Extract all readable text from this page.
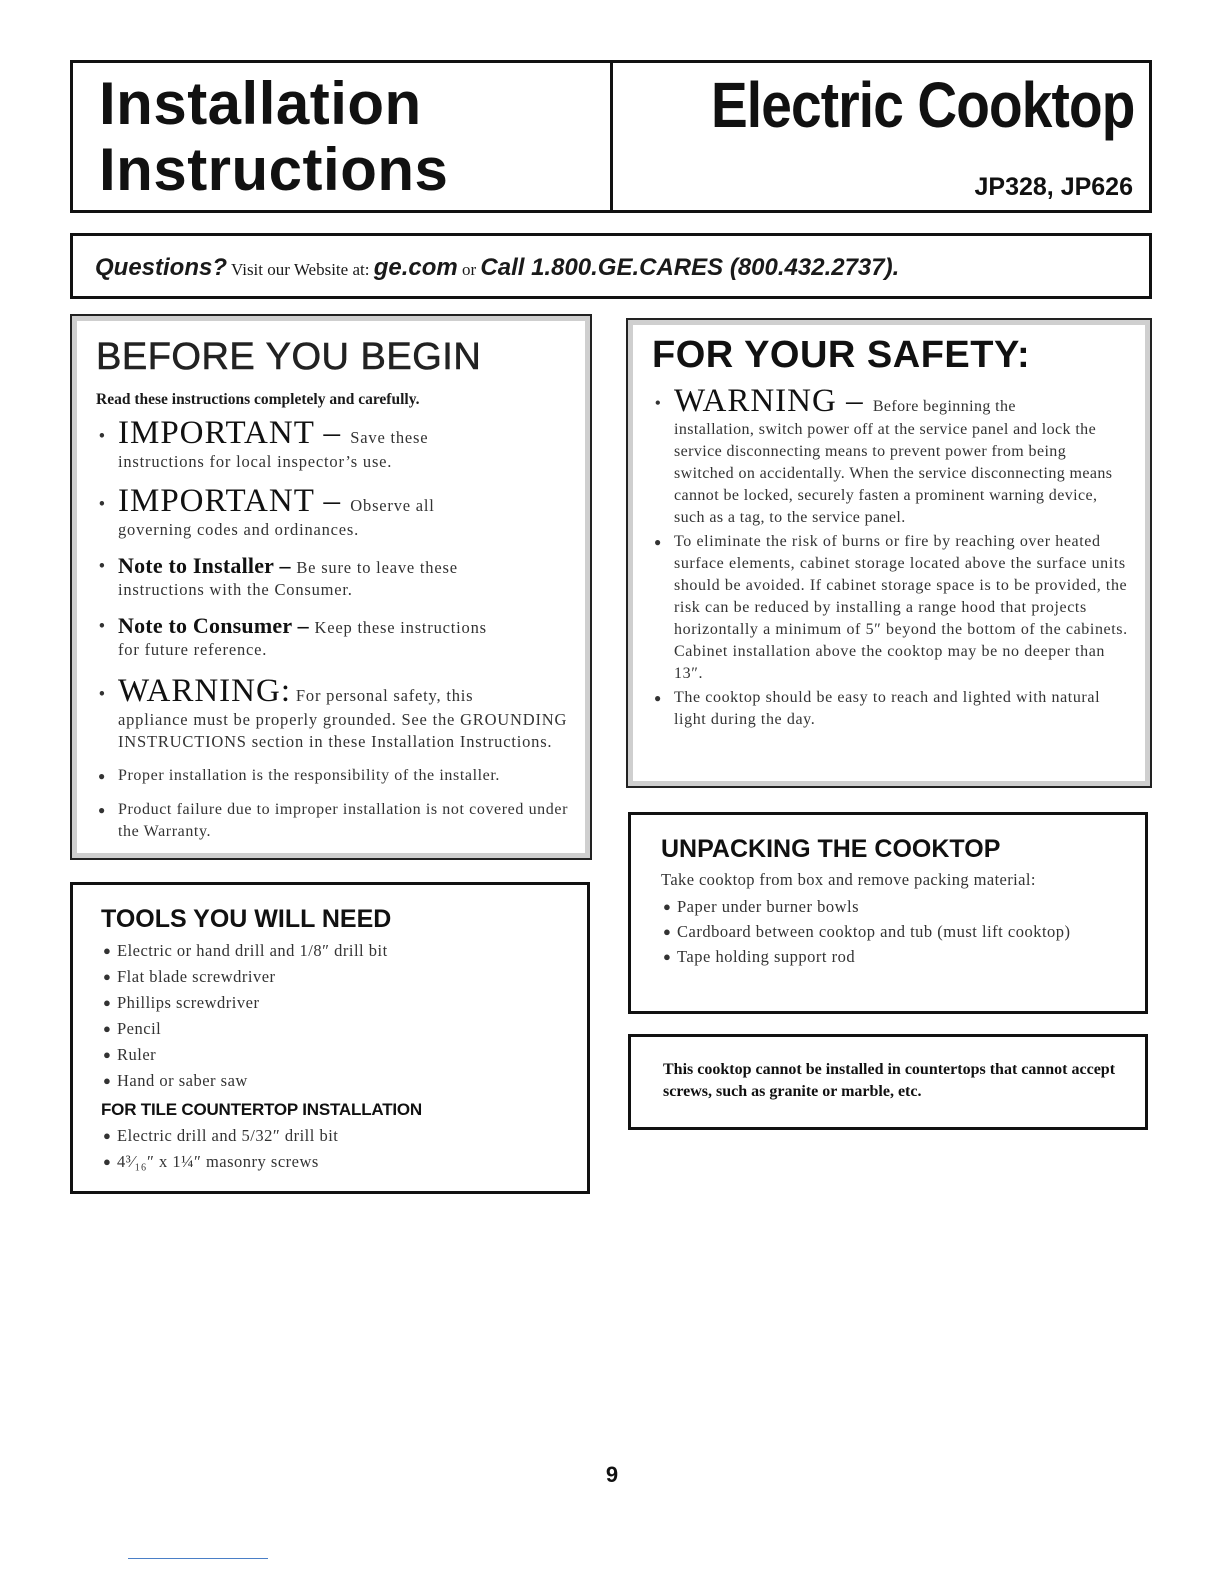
Installation
Instructions
Electric Cooktop
JP328, JP626
Questions? Visit our Website at: ge.com or Call 1.800.GE.CARES (800.432.2737).
BEFORE YOU BEGIN
Read these instructions completely and carefully.
• IMPORTANT – Save these
instructions for local inspector’s use.
• IMPORTANT – Observe all
governing codes and ordinances.
• Note to Installer – Be sure to leave these
instructions with the Consumer.
• Note to Consumer – Keep these instructions
for future reference.
• WARNING: For personal safety, this
appliance must be properly grounded. See the GROUNDING INSTRUCTIONS section in these Installation Instructions.
● Proper installation is the responsibility of the installer.
● Product failure due to improper installation is not covered under the Warranty.
FOR YOUR SAFETY:
• WARNING – Before beginning the
installation, switch power off at the service panel and lock the service disconnecting means to prevent power from being switched on accidentally. When the service disconnecting means cannot be locked, securely fasten a prominent warning device, such as a tag, to the service panel.
● To eliminate the risk of burns or fire by reaching over heated surface elements, cabinet storage located above the surface units should be avoided. If cabinet storage space is to be provided, the risk can be reduced by installing a range hood that projects horizontally a minimum of 5″ beyond the bottom of the cabinets. Cabinet installation above the cooktop may be no deeper than 13″.
● The cooktop should be easy to reach and lighted with natural light during the day.
TOOLS YOU WILL NEED
● Electric or hand drill and 1/8″ drill bit
● Flat blade screwdriver
● Phillips screwdriver
● Pencil
● Ruler
● Hand or saber saw
FOR TILE COUNTERTOP INSTALLATION
● Electric drill and 5/32″ drill bit
● 4³⁄₁₆″ x 1¼″ masonry screws
UNPACKING THE COOKTOP
Take cooktop from box and remove packing material:
● Paper under burner bowls
● Cardboard between cooktop and tub (must lift cooktop)
● Tape holding support rod
This cooktop cannot be installed in countertops that cannot accept screws, such as granite or marble, etc.
9
